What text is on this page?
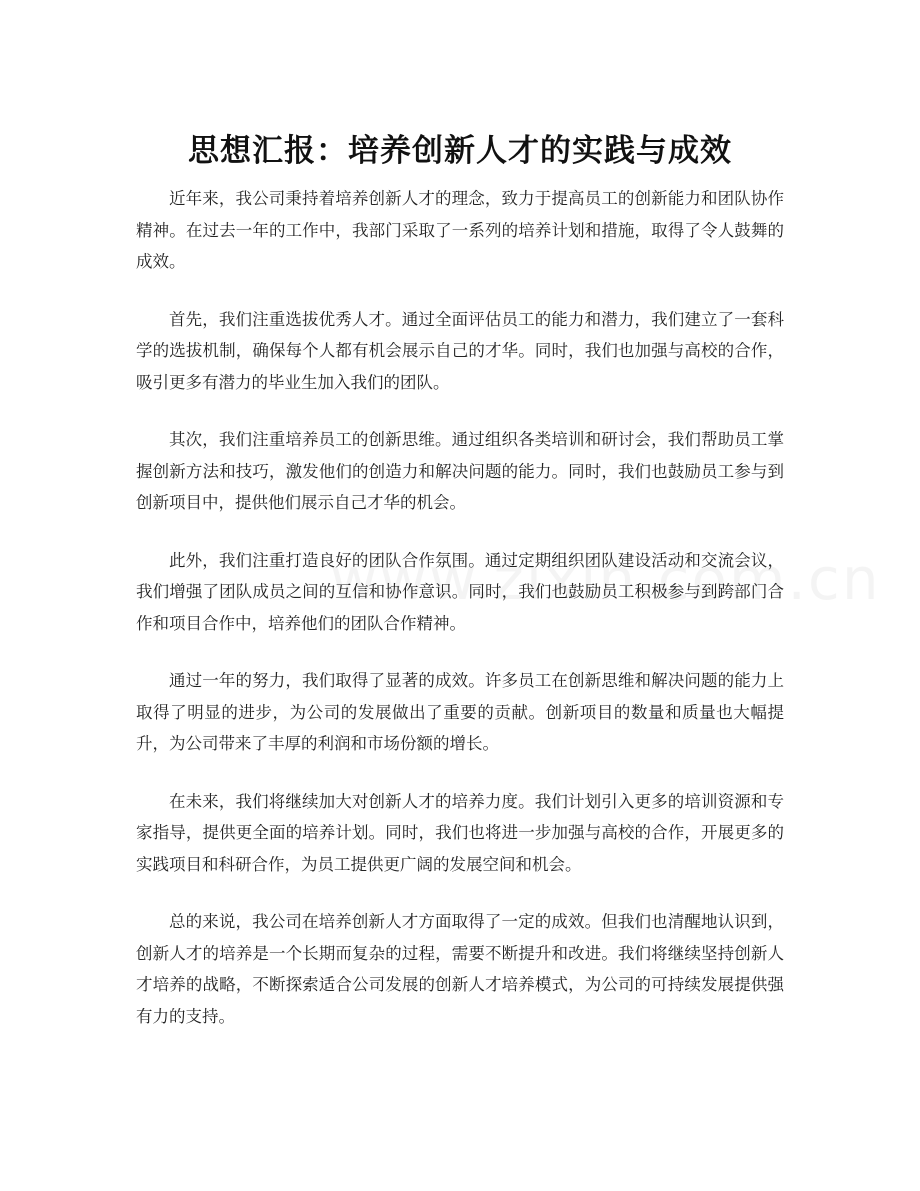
思想汇报：培养创新人才的实践与成效

近年来，我公司秉持着培养创新人才的理念，致力于提高员工的创新能力和团队协作精神。在过去一年的工作中，我部门采取了一系列的培养计划和措施，取得了令人鼓舞的成效。

首先，我们注重选拔优秀人才。通过全面评估员工的能力和潜力，我们建立了一套科学的选拔机制，确保每个人都有机会展示自己的才华。同时，我们也加强与高校的合作，吸引更多有潜力的毕业生加入我们的团队。

其次，我们注重培养员工的创新思维。通过组织各类培训和研讨会，我们帮助员工掌握创新方法和技巧，激发他们的创造力和解决问题的能力。同时，我们也鼓励员工参与到创新项目中，提供他们展示自己才华的机会。

此外，我们注重打造良好的团队合作氛围。通过定期组织团队建设活动和交流会议，我们增强了团队成员之间的互信和协作意识。同时，我们也鼓励员工积极参与到跨部门合作和项目合作中，培养他们的团队合作精神。

通过一年的努力，我们取得了显著的成效。许多员工在创新思维和解决问题的能力上取得了明显的进步，为公司的发展做出了重要的贡献。创新项目的数量和质量也大幅提升，为公司带来了丰厚的利润和市场份额的增长。

在未来，我们将继续加大对创新人才的培养力度。我们计划引入更多的培训资源和专家指导，提供更全面的培养计划。同时，我们也将进一步加强与高校的合作，开展更多的实践项目和科研合作，为员工提供更广阔的发展空间和机会。

总的来说，我公司在培养创新人才方面取得了一定的成效。但我们也清醒地认识到，创新人才的培养是一个长期而复杂的过程，需要不断提升和改进。我们将继续坚持创新人才培养的战略，不断探索适合公司发展的创新人才培养模式，为公司的可持续发展提供强有力的支持。
